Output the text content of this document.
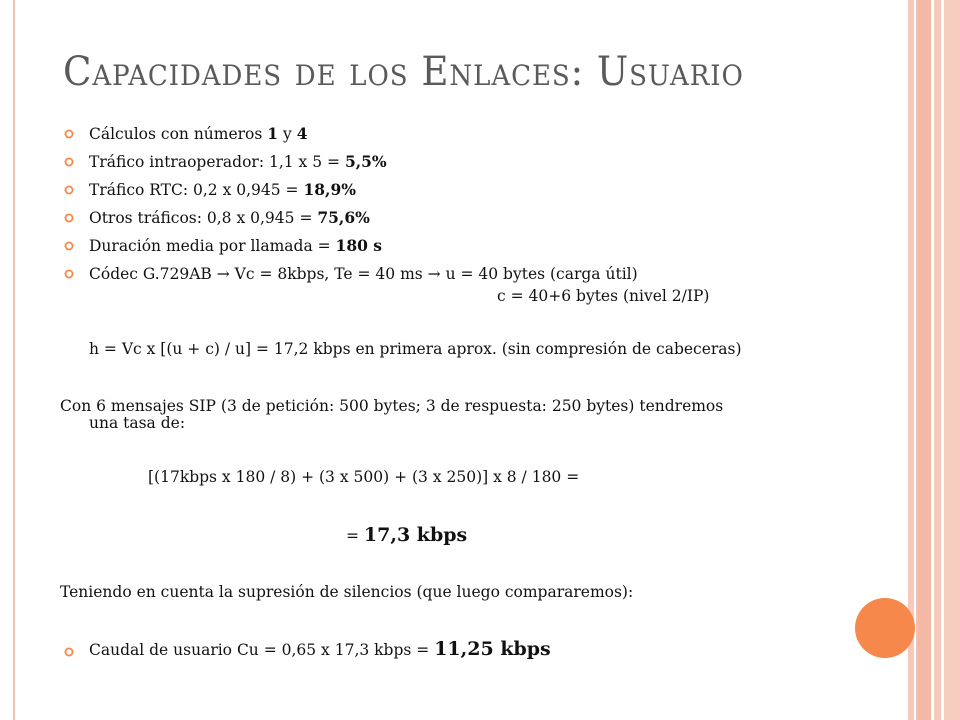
Capacidades de los Enlaces: Usuario
Cálculos con números 1 y 4
Tráfico intraoperador: 1,1 x 5 = 5,5%
Tráfico RTC: 0,2 x 0,945 = 18,9%
Otros tráficos: 0,8 x 0,945 = 75,6%
Duración media por llamada = 180 s
Códec G.729AB → Vc = 8kbps, Te = 40 ms → u = 40 bytes (carga útil)
c = 40+6 bytes (nivel 2/IP)
h = Vc x [(u + c) / u] = 17,2 kbps en primera aprox. (sin compresión de cabeceras)
Con 6 mensajes SIP (3 de petición: 500 bytes; 3 de respuesta: 250 bytes) tendremos
una tasa de:
[(17kbps x 180 / 8) + (3 x 500) + (3 x 250)] x 8 / 180 =
= 17,3 kbps
Teniendo en cuenta la supresión de silencios (que luego compararemos):
Caudal de usuario Cu = 0,65 x 17,3 kbps = 11,25 kbps
